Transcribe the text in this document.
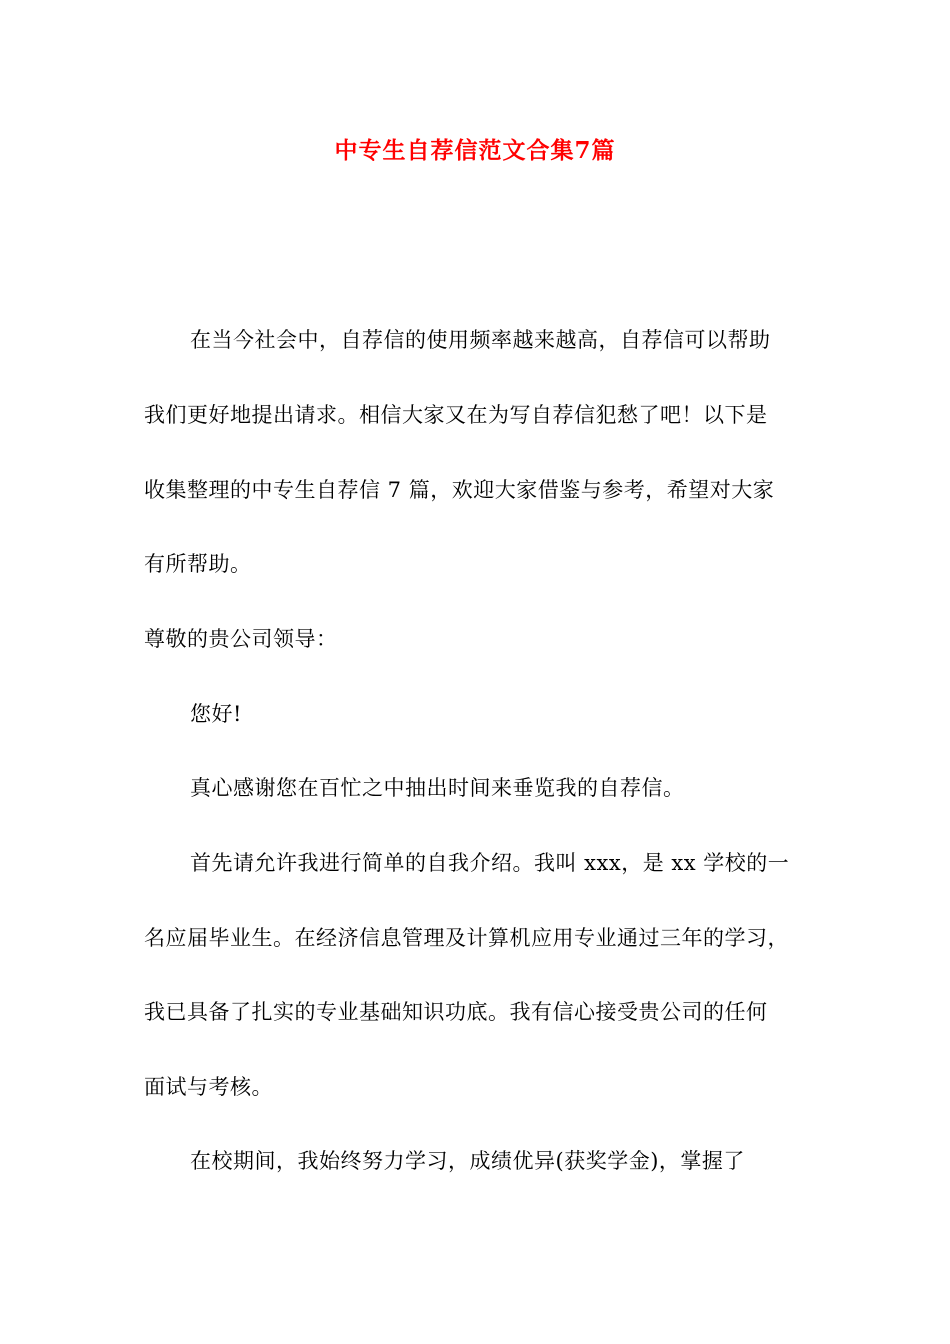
中专生自荐信范文合集7篇

在当今社会中，自荐信的使用频率越来越高，自荐信可以帮助

我们更好地提出请求。相信大家又在为写自荐信犯愁了吧！以下是

收集整理的中专生自荐信 7 篇，欢迎大家借鉴与参考，希望对大家

有所帮助。

尊敬的贵公司领导：

您好!

真心感谢您在百忙之中抽出时间来垂览我的自荐信。

首先请允许我进行简单的自我介绍。我叫 xxx，是 xx 学校的一

名应届毕业生。在经济信息管理及计算机应用专业通过三年的学习，

我已具备了扎实的专业基础知识功底。我有信心接受贵公司的任何

面试与考核。

在校期间，我始终努力学习，成绩优异(获奖学金)，掌握了
